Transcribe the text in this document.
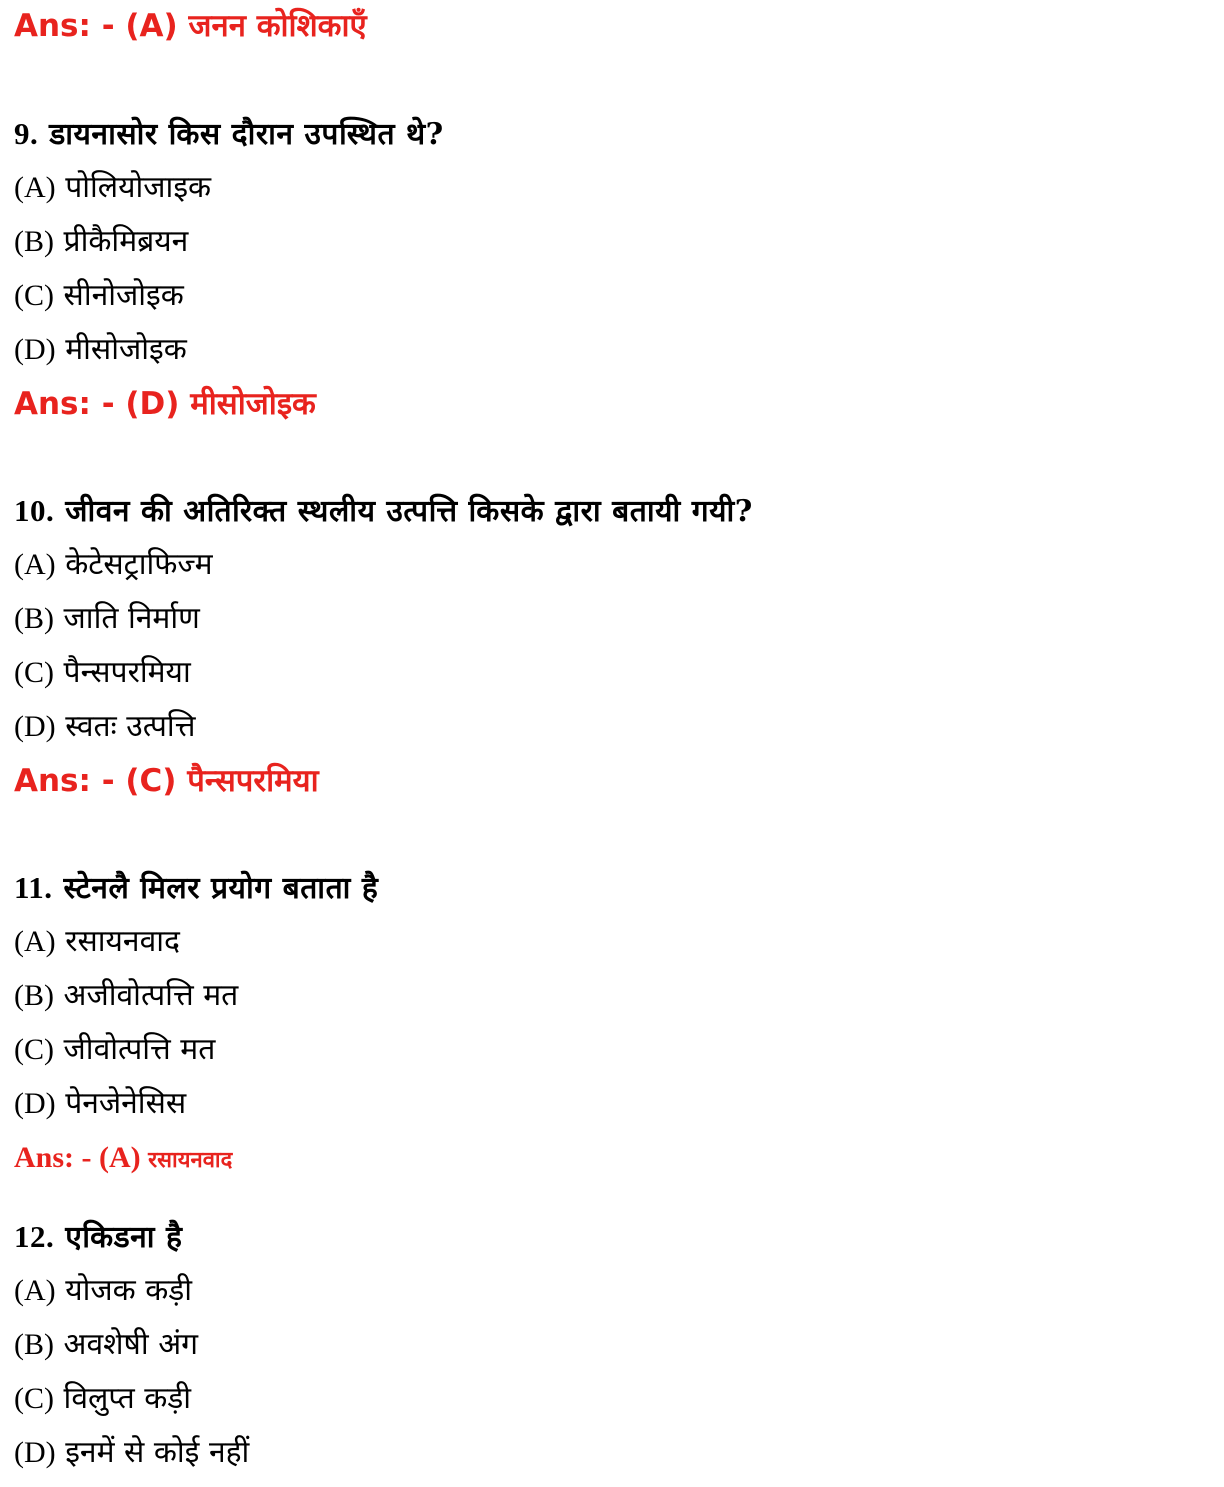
Ans: - (A) जनन कोशिकाएँ
9. डायनासोर किस दौरान उपस्थित थे?
(A) पोलियोजाइक
(B) प्रीकैमिब्रयन
(C) सीनोजोइक
(D) मीसोजोइक
Ans: - (D) मीसोजोइक
10. जीवन की अतिरिक्त स्थलीय उत्पत्ति किसके द्वारा बतायी गयी?
(A) केटेसट्राफिज्म
(B) जाति निर्माण
(C) पैन्सपरमिया
(D) स्वतः उत्पत्ति
Ans: - (C) पैन्सपरमिया
11. स्टेनलै मिलर प्रयोग बताता है
(A) रसायनवाद
(B) अजीवोत्पत्ति मत
(C) जीवोत्पत्ति मत
(D) पेनजेनेसिस
Ans: - (A) रसायनवाद
12. एकिडना है
(A) योजक कड़ी
(B) अवशेषी अंग
(C) विलुप्त कड़ी
(D) इनमें से कोई नहीं
